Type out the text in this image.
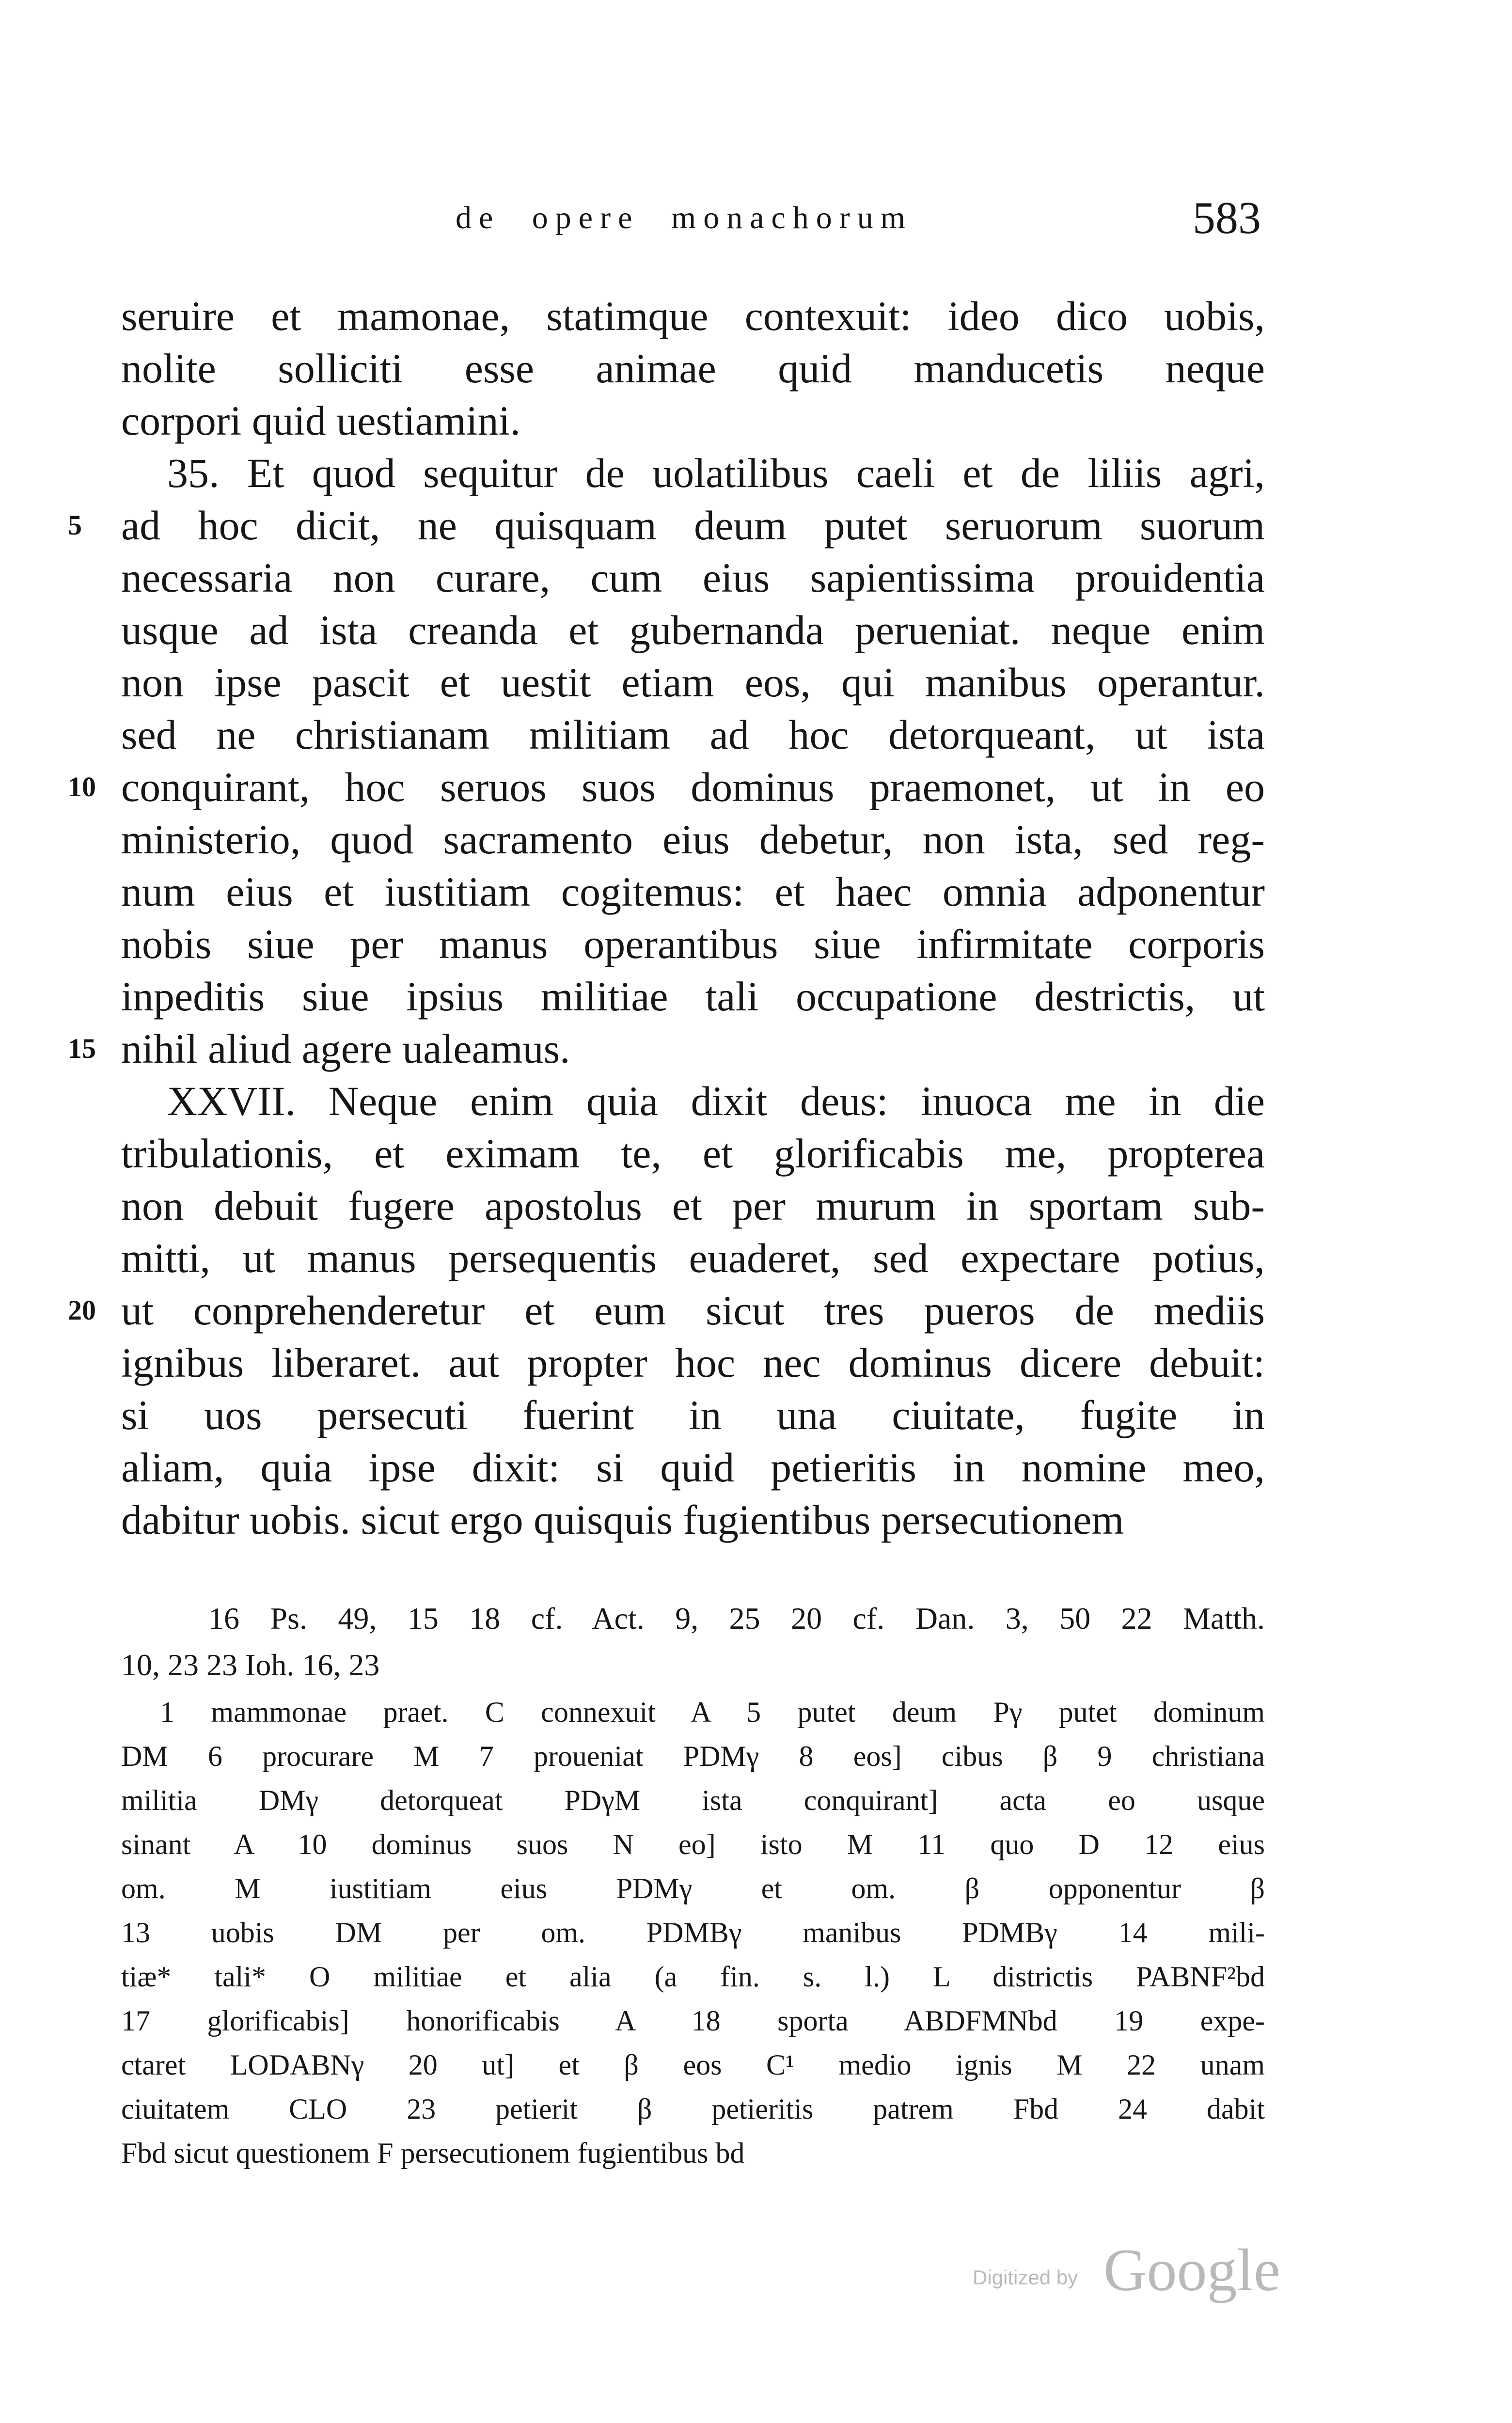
de opere monachorum	583
seruire et mamonae, statimque contexuit: ideo dico uobis,
nolite solliciti esse animae quid manducetis neque
corpori quid uestiamini.
35. Et quod sequitur de uolatilibus caeli et de liliis agri,
5 ad hoc dicit, ne quisquam deum putet seruorum suorum
necessaria non curare, cum eius sapientissima prouidentia
usque ad ista creanda et gubernanda perueniat. neque enim
non ipse pascit et uestit etiam eos, qui manibus operantur.
sed ne christianam militiam ad hoc detorqueant, ut ista
10 conquirant, hoc seruos suos dominus praemonet, ut in eo
ministerio, quod sacramento eius debetur, non ista, sed reg-
num eius et iustitiam cogitemus: et haec omnia adponentur
nobis siue per manus operantibus siue infirmitate corporis
inpeditis siue ipsius militiae tali occupatione destrictis, ut
15 nihil aliud agere ualeamus.
XXVII. Neque enim quia dixit deus: inuoca me in die
tribulationis, et eximam te, et glorificabis me, propterea
non debuit fugere apostolus et per murum in sportam sub-
mitti, ut manus persequentis euaderet, sed expectare potius,
20 ut conprehenderetur et eum sicut tres pueros de mediis
ignibus liberaret. aut propter hoc nec dominus dicere debuit:
si uos persecuti fuerint in una ciuitate, fugite in
aliam, quia ipse dixit: si quid petieritis in nomine meo,
dabitur uobis. sicut ergo quisquis fugientibus persecutionem
16 Ps. 49, 15 18 cf. Act. 9, 25 20 cf. Dan. 3, 50 22 Matth.
10, 23 23 Ioh. 16, 23
1 mammonae praet. C connexuit A 5 putet deum Pγ putet dominum
DM 6 procurare M 7 proueniat PDMγ 8 eos] cibus β 9 christiana
militia DMγ detorqueat PDγM ista conquirant] acta eo usque
sinant A 10 dominus suos N eo] isto M 11 quo D 12 eius
om. M iustitiam eius PDMγ et om. β opponentur β
13 uobis DM per om. PDMBγ manibus PDMBγ 14 mili-
tiæ* tali* O militiae et alia (a fin. s. l.) L districtis PABNF²bd
17 glorificabis] honorificabis A 18 sporta ABDFMNbd 19 expe-
ctaret LODABNγ 20 ut] et β eos C¹ medio ignis M 22 unam
ciuitatem CLO 23 petierit β petieritis patrem Fbd 24 dabit
Fbd sicut questionem F persecutionem fugientibus bd
Digitized by Google
